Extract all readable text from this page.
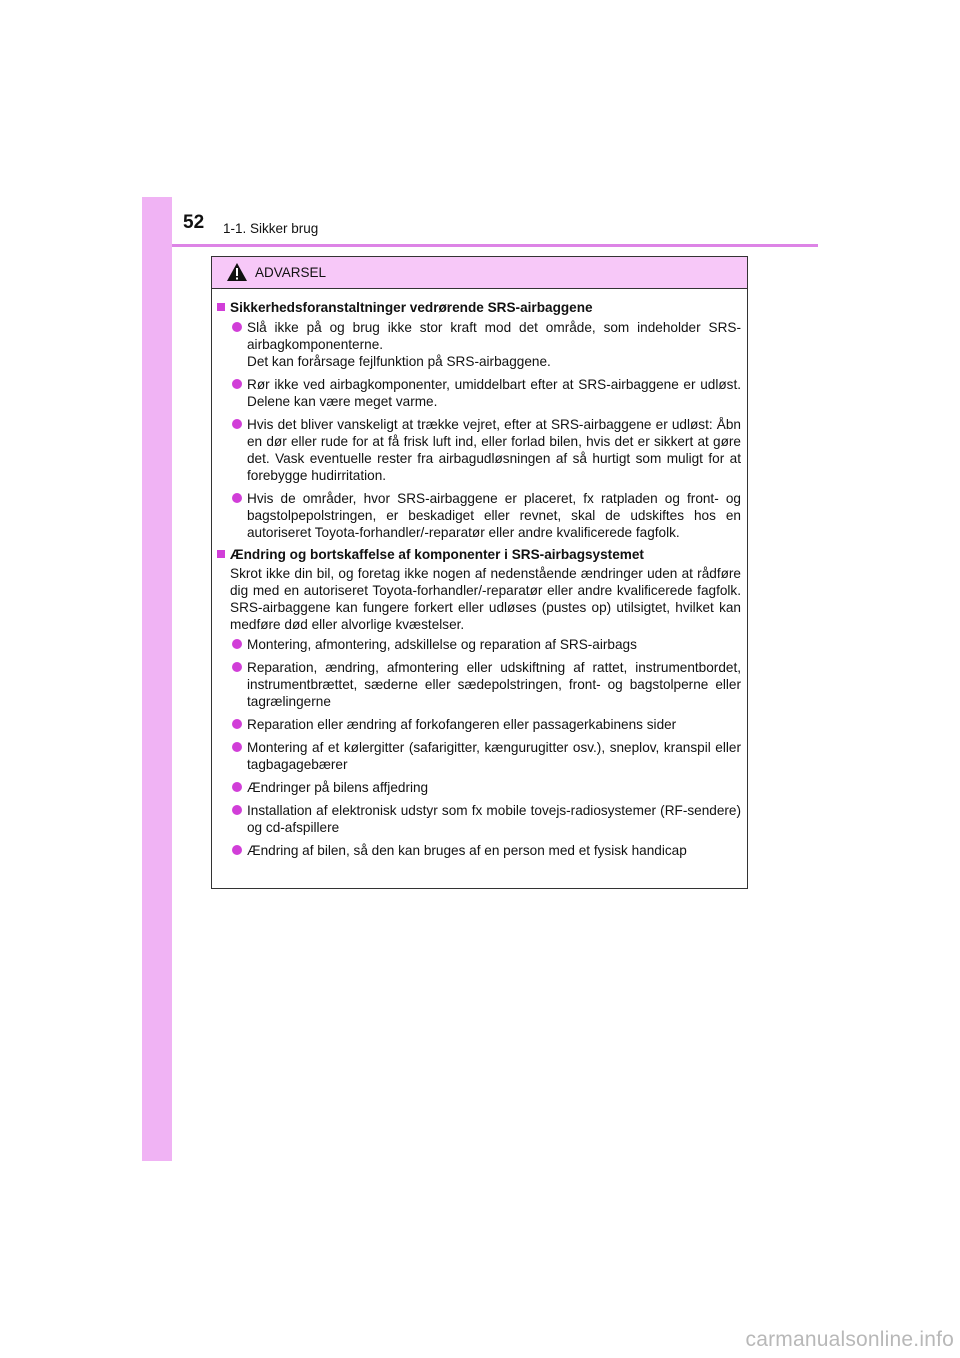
52 1-1. Sikker brug
ADVARSEL
Sikkerhedsforanstaltninger vedrørende SRS-airbaggene
Slå ikke på og brug ikke stor kraft mod det område, som indeholder SRS-airbagkomponenterne.
Det kan forårsage fejlfunktion på SRS-airbaggene.
Rør ikke ved airbagkomponenter, umiddelbart efter at SRS-airbaggene er udløst. Delene kan være meget varme.
Hvis det bliver vanskeligt at trække vejret, efter at SRS-airbaggene er udløst: Åbn en dør eller rude for at få frisk luft ind, eller forlad bilen, hvis det er sikkert at gøre det. Vask eventuelle rester fra airbagudløsningen af så hurtigt som muligt for at forebygge hudirritation.
Hvis de områder, hvor SRS-airbaggene er placeret, fx ratpladen og front- og bagstolpepolstringen, er beskadiget eller revnet, skal de udskiftes hos en autoriseret Toyota-forhandler/-reparatør eller andre kvalificerede fagfolk.
Ændring og bortskaffelse af komponenter i SRS-airbagsystemet
Skrot ikke din bil, og foretag ikke nogen af nedenstående ændringer uden at rådføre dig med en autoriseret Toyota-forhandler/-reparatør eller andre kvalificerede fagfolk. SRS-airbaggene kan fungere forkert eller udløses (pustes op) utilsigtet, hvilket kan medføre død eller alvorlige kvæstelser.
Montering, afmontering, adskillelse og reparation af SRS-airbags
Reparation, ændring, afmontering eller udskiftning af rattet, instrumentbordet, instrumentbrættet, sæderne eller sædepolstringen, front- og bagstolperne eller tagrælingerne
Reparation eller ændring af forkofangeren eller passagerkabinens sider
Montering af et kølergitter (safarigitter, kængurugitter osv.), sneplov, kranspil eller tagbagagebærer
Ændringer på bilens affjedring
Installation af elektronisk udstyr som fx mobile tovejs-radiosystemer (RF-sendere) og cd-afspillere
Ændring af bilen, så den kan bruges af en person med et fysisk handicap
carmanualsonline.info
